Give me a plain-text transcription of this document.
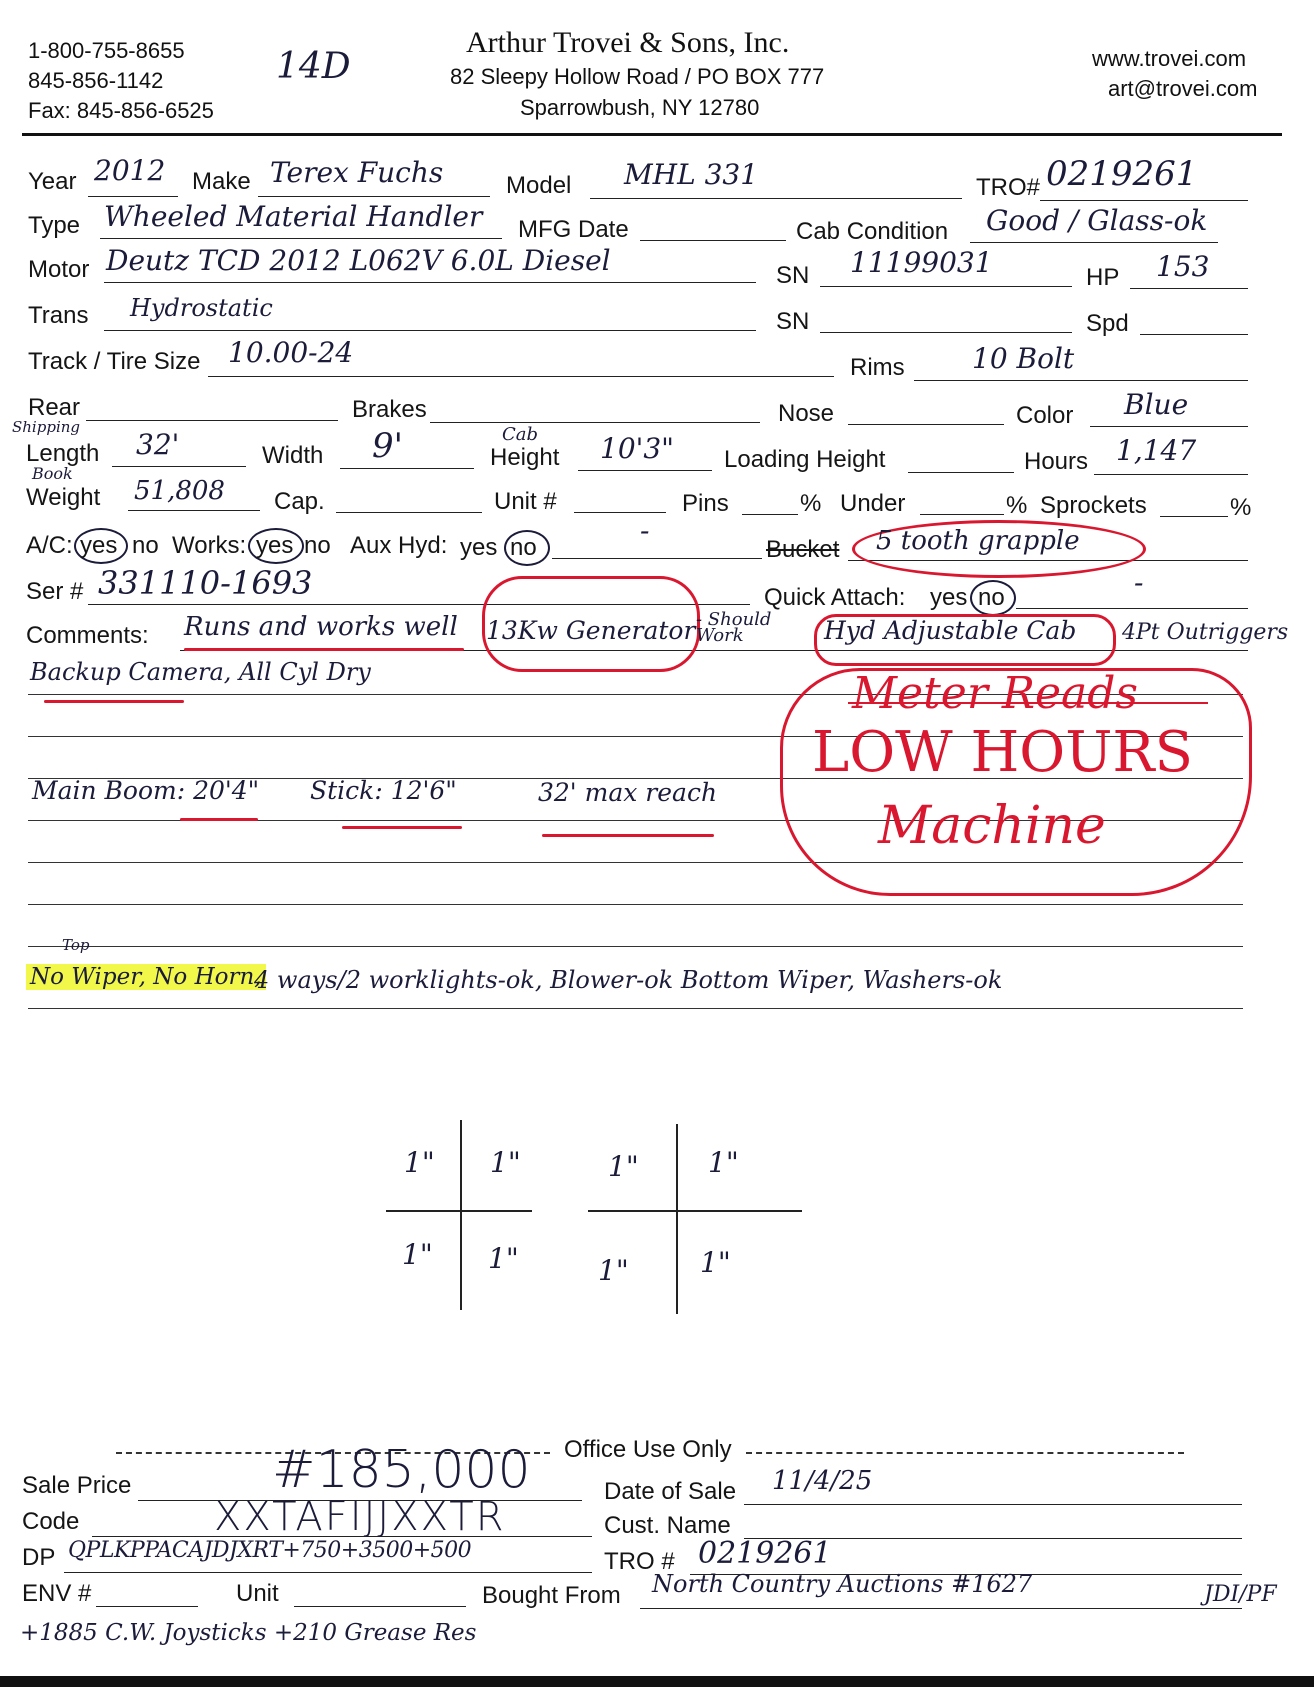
1-800-755-8655
845-856-1142
Fax: 845-856-6525
14D
Arthur Trovei & Sons, Inc.
82 Sleepy Hollow Road / PO BOX 777
Sparrowbush, NY 12780
www.trovei.com
art@trovei.com
Year 2012 Make Terex Fuchs	Model MHL 331	TRO# 0219261
Type Wheeled Material Handler MFG Date	Cab Condition Good / Glass-ok
Motor Deutz TCD 2012 L062V 6.0L Diesel	SN 11199031	HP 153
Trans Hydrostatic	SN	Spd
Track / Tire Size 10.00-24	Rims 10 Bolt
Rear	Brakes	Nose	Color Blue
Shipping
Length 32'	Width 9'	Cab
Height 10'3" Loading Height	Hours 1,147
Book
Weight 51,808 Cap.	Unit #	Pins	% Under	% Sprockets	%
A/C: yes no Works: yes no Aux Hyd: yes no
-
Bucket 5 tooth grapple
Ser # 331110-1693	Quick Attach: yes no	-
Comments: Runs and works well 13Kw Generator - Should Work	Hyd Adjustable Cab 4Pt Outriggers
Backup Camera, All Cyl Dry
Main Boom: 20'4" Stick: 12'6"	32' max reach
Meter Reads
LOW HOURS
Machine
Top
No Wiper, No Horn,
4 ways/2 worklights-ok, Blower-ok Bottom Wiper, Washers-ok
1" 1"
1" 1"
1" 1"
1"	1"
Office Use Only
Sale Price	#185,000	Date of Sale 11/4/25
Code	XXTAFIJJXXTR	Cust. Name
DP QPLKPPACAJDJXRT+750+3500+500	TRO # 0219261
ENV #	Unit	Bought From North Country Auctions #1627	JDI/PF
+1885 C.W. Joysticks +210 Grease Res
